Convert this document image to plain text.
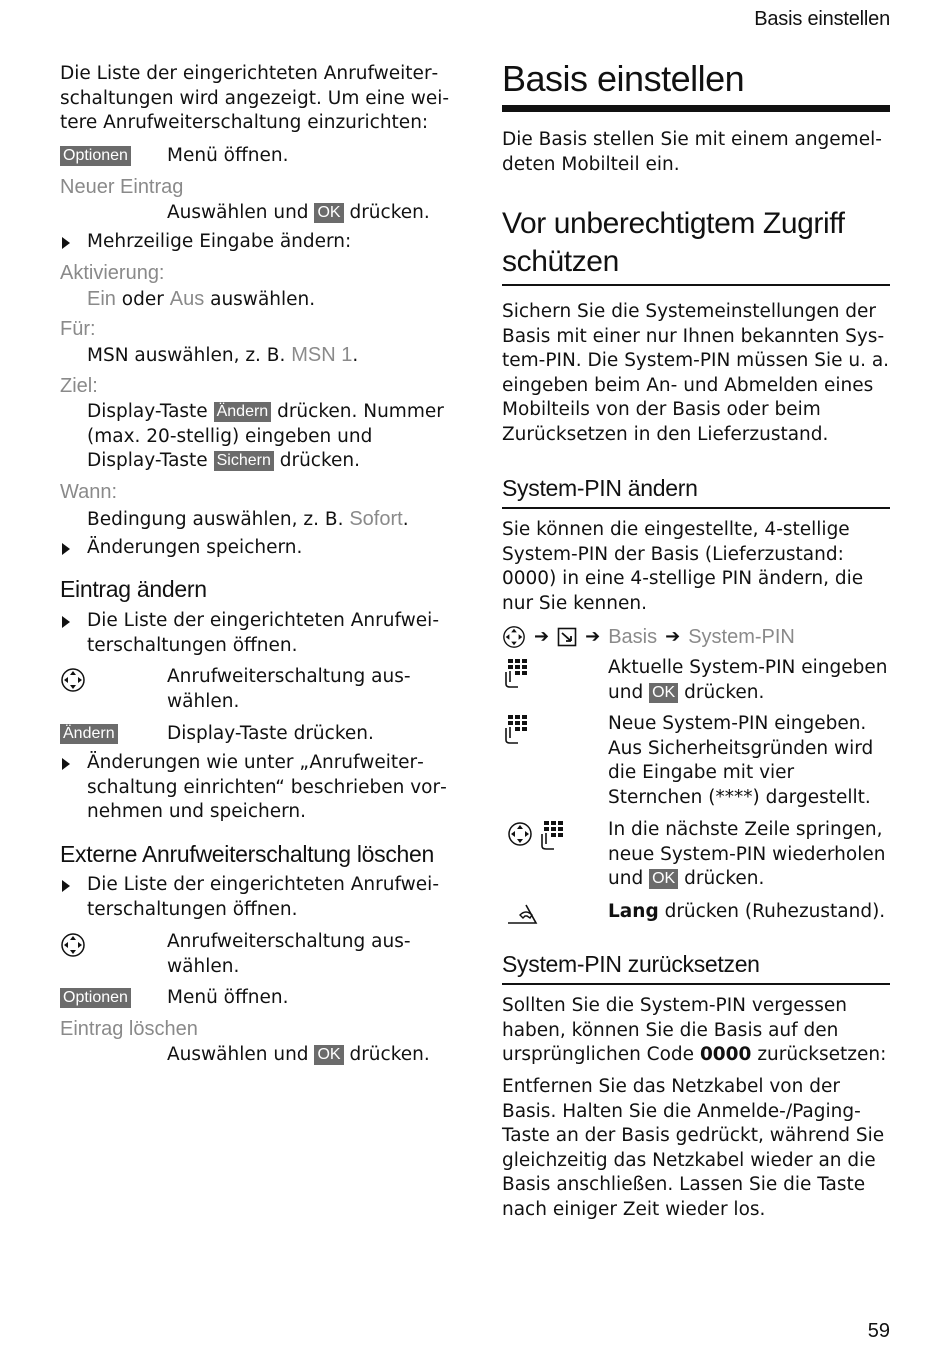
Basis einstellen

Die Liste der eingerichteten Anrufweiterschaltungen wird angezeigt. Um eine weitere Anrufweiterschaltung einzurichten:

Optionen Menü öffnen.
Neuer Eintrag
Auswählen und OK drücken.
Mehrzeilige Eingabe ändern:
Aktivierung:
Ein oder Aus auswählen.
Für:
MSN auswählen, z. B. MSN 1.
Ziel:
Display-Taste Ändern drücken. Nummer (max. 20-stellig) eingeben und Display-Taste Sichern drücken.
Wann:
Bedingung auswählen, z. B. Sofort.
Änderungen speichern.
Eintrag ändern
Die Liste der eingerichteten Anrufweiterschaltungen öffnen.
Anrufweiterschaltung auswählen.
Ändern	Display-Taste drücken.
Änderungen wie unter „Anrufweiterschaltung einrichten“ beschrieben vornehmen und speichern.
Externe Anrufweiterschaltung löschen
Die Liste der eingerichteten Anrufweiterschaltungen öffnen.
Anrufweiterschaltung auswählen.
Optionen Menü öffnen.
Eintrag löschen
Auswählen und OK drücken.
Basis einstellen

Die Basis stellen Sie mit einem angemeldeten Mobilteil ein.

Vor unberechtigtem Zugriff schützen

Sichern Sie die Systemeinstellungen der Basis mit einer nur Ihnen bekannten System-PIN. Die System-PIN müssen Sie u. a. eingeben beim An- und Abmelden eines Mobilteils von der Basis oder beim Zurücksetzen in den Lieferzustand.

System-PIN ändern

Sie können die eingestellte, 4-stellige System-PIN der Basis (Lieferzustand: 0000) in eine 4-stellige PIN ändern, die nur Sie kennen.

➔ ➔ Basis ➔ System-PIN
Aktuelle System-PIN eingeben und OK drücken.
Neue System-PIN eingeben. Aus Sicherheitsgründen wird die Eingabe mit vier Sternchen (****) dargestellt.
In die nächste Zeile springen, neue System-PIN wiederholen und OK drücken.
Lang drücken (Ruhezustand).
System-PIN zurücksetzen

Sollten Sie die System-PIN vergessen haben, können Sie die Basis auf den ursprünglichen Code 0000 zurücksetzen:

Entfernen Sie das Netzkabel von der Basis. Halten Sie die Anmelde-/Paging-Taste an der Basis gedrückt, während Sie gleichzeitig das Netzkabel wieder an die Basis anschließen. Lassen Sie die Taste nach einiger Zeit wieder los.

59
